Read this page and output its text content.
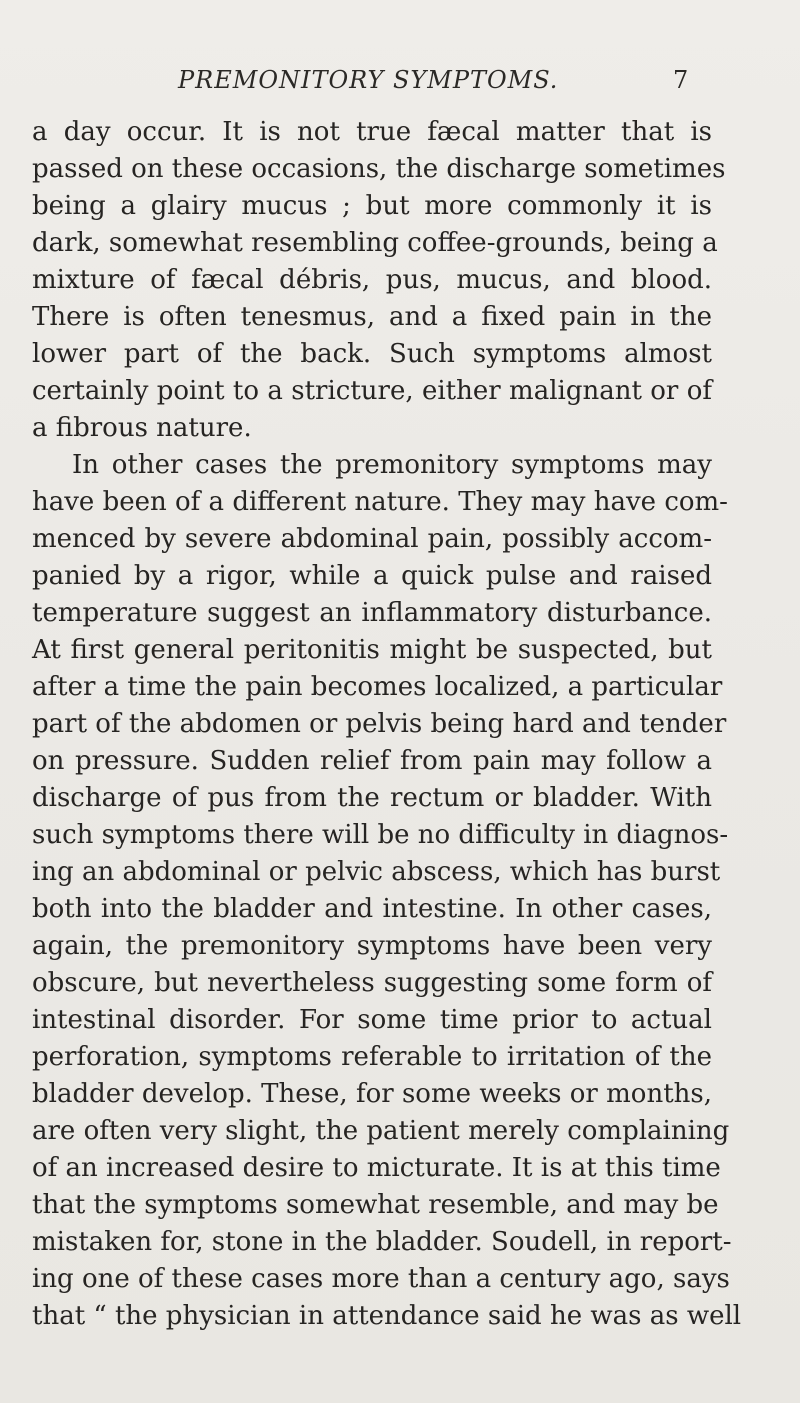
PREMONITORY SYMPTOMS.	7
a day occur. It is not true fæcal matter that is
passed on these occasions, the discharge sometimes
being a glairy mucus ; but more commonly it is
dark, somewhat resembling coffee-grounds, being a
mixture of fæcal débris, pus, mucus, and blood.
There is often tenesmus, and a fixed pain in the
lower part of the back. Such symptoms almost
certainly point to a stricture, either malignant or of
a fibrous nature.
In other cases the premonitory symptoms may
have been of a different nature. They may have com-
menced by severe abdominal pain, possibly accom-
panied by a rigor, while a quick pulse and raised
temperature suggest an inflammatory disturbance.
At first general peritonitis might be suspected, but
after a time the pain becomes localized, a particular
part of the abdomen or pelvis being hard and tender
on pressure. Sudden relief from pain may follow a
discharge of pus from the rectum or bladder. With
such symptoms there will be no difficulty in diagnos-
ing an abdominal or pelvic abscess, which has burst
both into the bladder and intestine. In other cases,
again, the premonitory symptoms have been very
obscure, but nevertheless suggesting some form of
intestinal disorder. For some time prior to actual
perforation, symptoms referable to irritation of the
bladder develop. These, for some weeks or months,
are often very slight, the patient merely complaining
of an increased desire to micturate. It is at this time
that the symptoms somewhat resemble, and may be
mistaken for, stone in the bladder. Soudell, in report-
ing one of these cases more than a century ago, says
that “ the physician in attendance said he was as well
